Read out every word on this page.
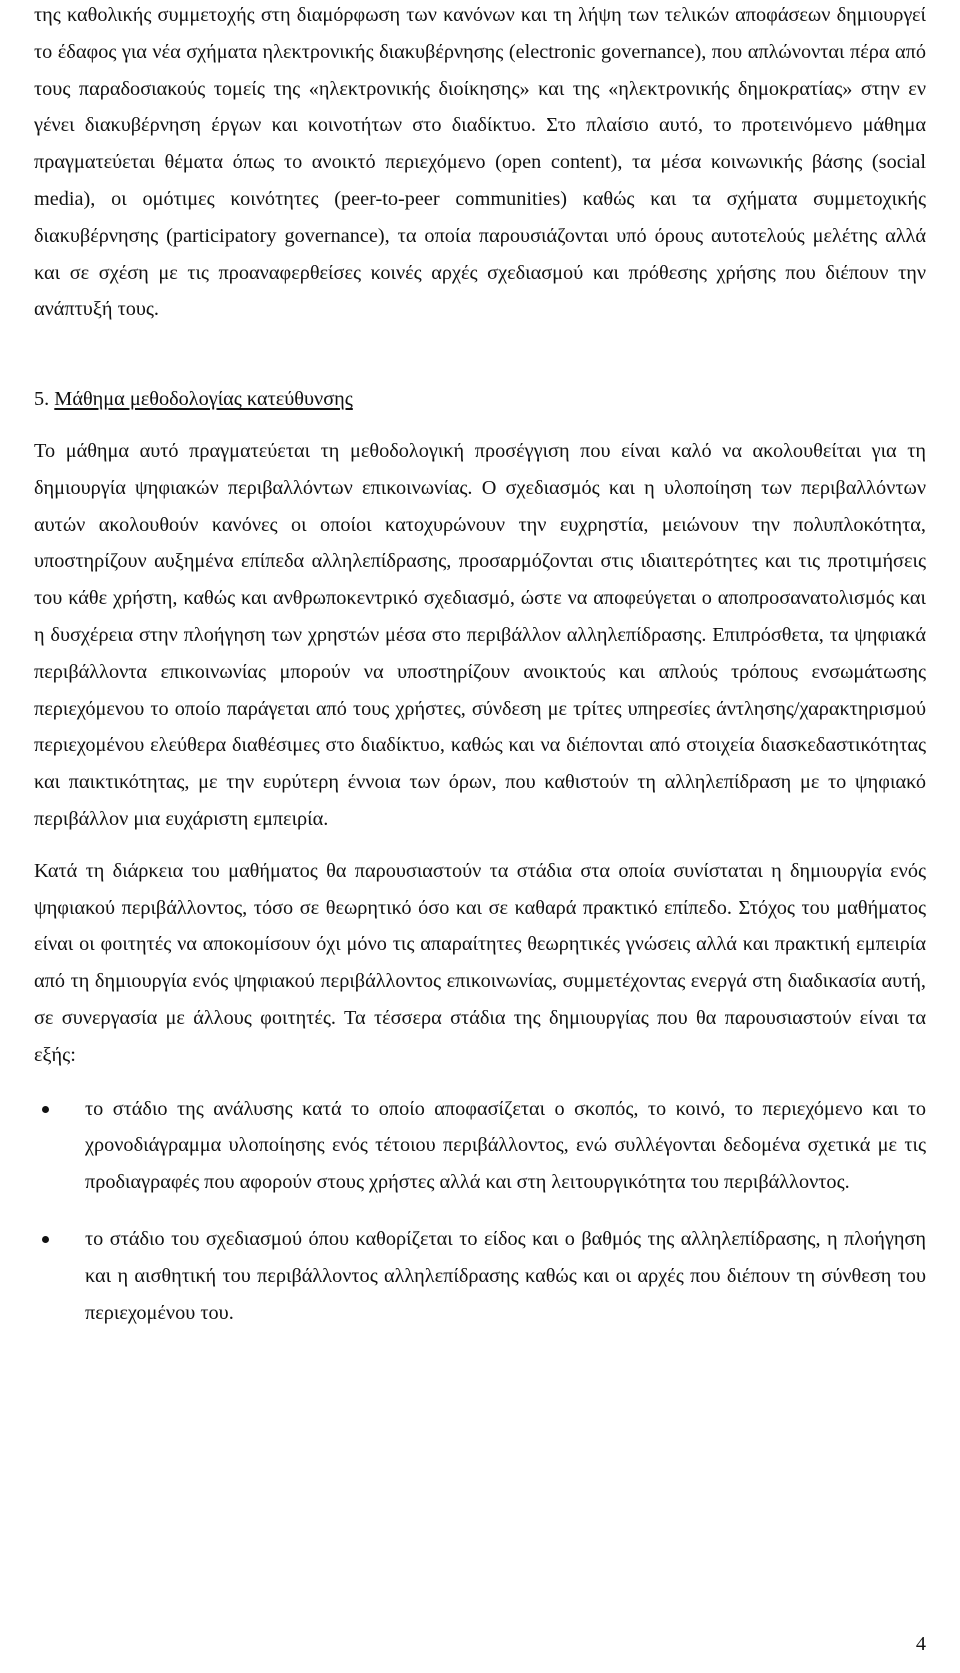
της καθολικής συμμετοχής στη διαμόρφωση των κανόνων και τη λήψη των τελικών αποφάσεων δημιουργεί το έδαφος για νέα σχήματα ηλεκτρονικής διακυβέρνησης (electronic governance), που απλώνονται πέρα από τους παραδοσιακούς τομείς της «ηλεκτρονικής διοίκησης» και της «ηλεκτρονικής δημοκρατίας» στην εν γένει διακυβέρνηση έργων και κοινοτήτων στο διαδίκτυο. Στο πλαίσιο αυτό, το προτεινόμενο μάθημα πραγματεύεται θέματα όπως το ανοικτό περιεχόμενο (open content), τα μέσα κοινωνικής βάσης (social media), οι ομότιμες κοινότητες (peer-to-peer communities) καθώς και τα σχήματα συμμετοχικής διακυβέρνησης (participatory governance), τα οποία παρουσιάζονται υπό όρους αυτοτελούς μελέτης αλλά και σε σχέση με τις προαναφερθείσες κοινές αρχές σχεδιασμού και πρόθεσης χρήσης που διέπουν την ανάπτυξή τους.

5. Μάθημα μεθοδολογίας κατεύθυνσης

Το μάθημα αυτό πραγματεύεται τη μεθοδολογική προσέγγιση που είναι καλό να ακολουθείται για τη δημιουργία ψηφιακών περιβαλλόντων επικοινωνίας. Ο σχεδιασμός και η υλοποίηση των περιβαλλόντων αυτών ακολουθούν κανόνες οι οποίοι κατοχυρώνουν την ευχρηστία, μειώνουν την πολυπλοκότητα, υποστηρίζουν αυξημένα επίπεδα αλληλεπίδρασης, προσαρμόζονται στις ιδιαιτερότητες και τις προτιμήσεις του κάθε χρήστη, καθώς και ανθρωποκεντρικό σχεδιασμό, ώστε να αποφεύγεται ο αποπροσανατολισμός και η δυσχέρεια στην πλοήγηση των χρηστών μέσα στο περιβάλλον αλληλεπίδρασης. Επιπρόσθετα, τα ψηφιακά περιβάλλοντα επικοινωνίας μπορούν να υποστηρίζουν ανοικτούς και απλούς τρόπους ενσωμάτωσης περιεχόμενου το οποίο παράγεται από τους χρήστες, σύνδεση με τρίτες υπηρεσίες άντλησης/χαρακτηρισμού περιεχομένου ελεύθερα διαθέσιμες στο διαδίκτυο, καθώς και να διέπονται από στοιχεία διασκεδαστικότητας και παικτικότητας, με την ευρύτερη έννοια των όρων, που καθιστούν τη αλληλεπίδραση με το ψηφιακό περιβάλλον μια ευχάριστη εμπειρία.

Κατά τη διάρκεια του μαθήματος θα παρουσιαστούν τα στάδια στα οποία συνίσταται η δημιουργία ενός ψηφιακού περιβάλλοντος, τόσο σε θεωρητικό όσο και σε καθαρά πρακτικό επίπεδο. Στόχος του μαθήματος είναι οι φοιτητές να αποκομίσουν όχι μόνο τις απαραίτητες θεωρητικές γνώσεις αλλά και πρακτική εμπειρία από τη δημιουργία ενός ψηφιακού περιβάλλοντος επικοινωνίας, συμμετέχοντας ενεργά στη διαδικασία αυτή, σε συνεργασία με άλλους φοιτητές. Τα τέσσερα στάδια της δημιουργίας που θα παρουσιαστούν είναι τα εξής:

το στάδιο της ανάλυσης κατά το οποίο αποφασίζεται ο σκοπός, το κοινό, το περιεχόμενο και το χρονοδιάγραμμα υλοποίησης ενός τέτοιου περιβάλλοντος, ενώ συλλέγονται δεδομένα σχετικά με τις προδιαγραφές που αφορούν στους χρήστες αλλά και στη λειτουργικότητα του περιβάλλοντος.
το στάδιο του σχεδιασμού όπου καθορίζεται το είδος και ο βαθμός της αλληλεπίδρασης, η πλοήγηση και η αισθητική του περιβάλλοντος αλληλεπίδρασης καθώς και οι αρχές που διέπουν τη σύνθεση του περιεχομένου του.
4
